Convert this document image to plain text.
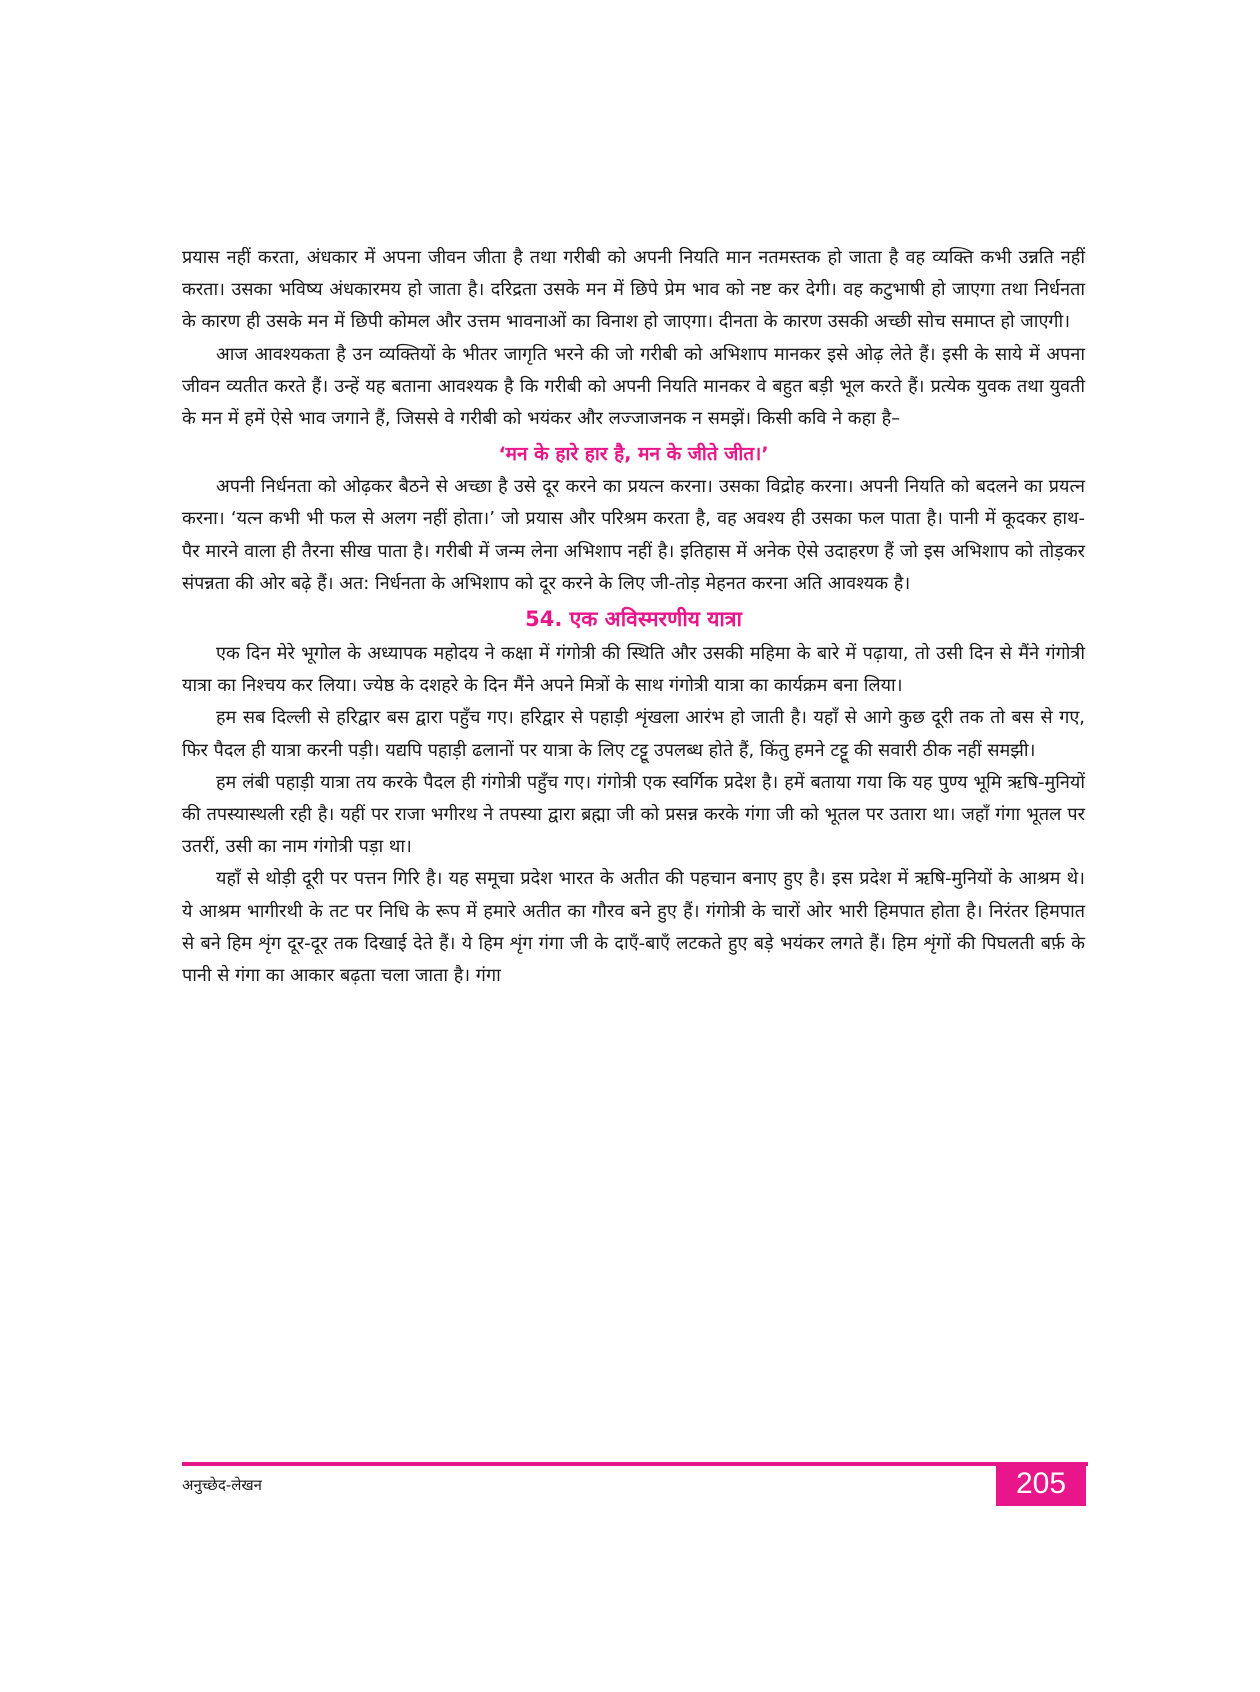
प्रयास नहीं करता, अंधकार में अपना जीवन जीता है तथा गरीबी को अपनी नियति मान नतमस्तक हो जाता है वह व्यक्ति कभी उन्नति नहीं करता। उसका भविष्य अंधकारमय हो जाता है। दरिद्रता उसके मन में छिपे प्रेम भाव को नष्ट कर देगी। वह कटुभाषी हो जाएगा तथा निर्धनता के कारण ही उसके मन में छिपी कोमल और उत्तम भावनाओं का विनाश हो जाएगा। दीनता के कारण उसकी अच्छी सोच समाप्त हो जाएगी।

आज आवश्यकता है उन व्यक्तियों के भीतर जागृति भरने की जो गरीबी को अभिशाप मानकर इसे ओढ़ लेते हैं। इसी के साये में अपना जीवन व्यतीत करते हैं। उन्हें यह बताना आवश्यक है कि गरीबी को अपनी नियति मानकर वे बहुत बड़ी भूल करते हैं। प्रत्येक युवक तथा युवती के मन में हमें ऐसे भाव जगाने हैं, जिससे वे गरीबी को भयंकर और लज्जाजनक न समझें। किसी कवि ने कहा है–

‘मन के हारे हार है, मन के जीते जीत।’

अपनी निर्धनता को ओढ़कर बैठने से अच्छा है उसे दूर करने का प्रयत्न करना। उसका विद्रोह करना। अपनी नियति को बदलने का प्रयत्न करना। ‘यत्न कभी भी फल से अलग नहीं होता।’ जो प्रयास और परिश्रम करता है, वह अवश्य ही उसका फल पाता है। पानी में कूदकर हाथ-पैर मारने वाला ही तैरना सीख पाता है। गरीबी में जन्म लेना अभिशाप नहीं है। इतिहास में अनेक ऐसे उदाहरण हैं जो इस अभिशाप को तोड़कर संपन्नता की ओर बढ़े हैं। अत: निर्धनता के अभिशाप को दूर करने के लिए जी-तोड़ मेहनत करना अति आवश्यक है।

54. एक अविस्मरणीय यात्रा

एक दिन मेरे भूगोल के अध्यापक महोदय ने कक्षा में गंगोत्री की स्थिति और उसकी महिमा के बारे में पढ़ाया, तो उसी दिन से मैंने गंगोत्री यात्रा का निश्चय कर लिया। ज्येष्ठ के दशहरे के दिन मैंने अपने मित्रों के साथ गंगोत्री यात्रा का कार्यक्रम बना लिया।

हम सब दिल्ली से हरिद्वार बस द्वारा पहुँच गए। हरिद्वार से पहाड़ी शृंखला आरंभ हो जाती है। यहाँ से आगे कुछ दूरी तक तो बस से गए, फिर पैदल ही यात्रा करनी पड़ी। यद्यपि पहाड़ी ढलानों पर यात्रा के लिए टट्टू उपलब्ध होते हैं, किंतु हमने टट्टू की सवारी ठीक नहीं समझी।

हम लंबी पहाड़ी यात्रा तय करके पैदल ही गंगोत्री पहुँच गए। गंगोत्री एक स्वर्गिक प्रदेश है। हमें बताया गया कि यह पुण्य भूमि ऋषि-मुनियों की तपस्यास्थली रही है। यहीं पर राजा भगीरथ ने तपस्या द्वारा ब्रह्मा जी को प्रसन्न करके गंगा जी को भूतल पर उतारा था। जहाँ गंगा भूतल पर उतरीं, उसी का नाम गंगोत्री पड़ा था।

यहाँ से थोड़ी दूरी पर पत्तन गिरि है। यह समूचा प्रदेश भारत के अतीत की पहचान बनाए हुए है। इस प्रदेश में ऋषि-मुनियों के आश्रम थे। ये आश्रम भागीरथी के तट पर निधि के रूप में हमारे अतीत का गौरव बने हुए हैं। गंगोत्री के चारों ओर भारी हिमपात होता है। निरंतर हिमपात से बने हिम शृंग दूर-दूर तक दिखाई देते हैं। ये हिम शृंग गंगा जी के दाएँ-बाएँ लटकते हुए बड़े भयंकर लगते हैं। हिम शृंगों की पिघलती बर्फ़ के पानी से गंगा का आकार बढ़ता चला जाता है। गंगा

अनुच्छेद-लेखन	205
